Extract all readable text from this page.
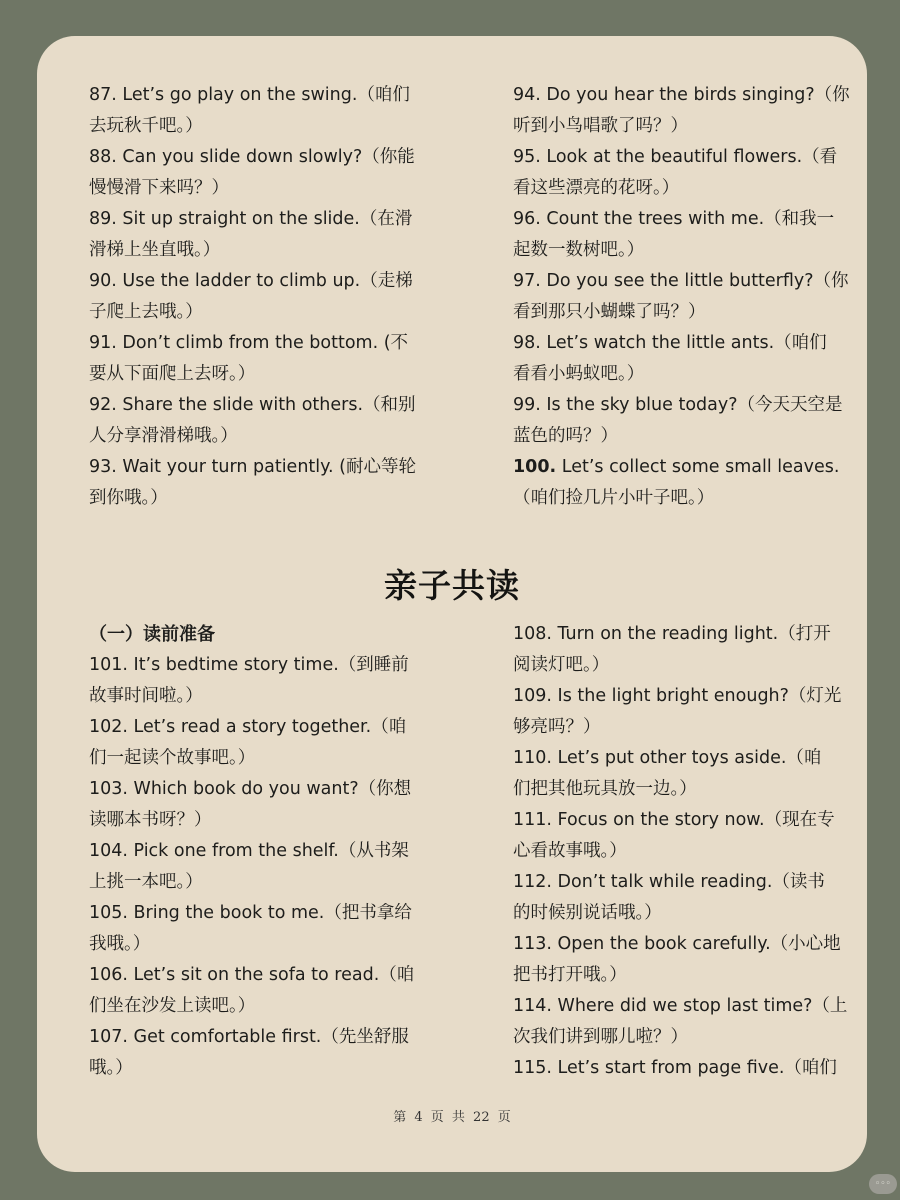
87. Let’s go play on the swing.（咱们
去玩秋千吧。）
88. Can you slide down slowly?（你能
慢慢滑下来吗？）
89. Sit up straight on the slide.（在滑
滑梯上坐直哦。）
90. Use the ladder to climb up.（走梯
子爬上去哦。）
91. Don’t climb from the bottom. (不
要从下面爬上去呀。）
92. Share the slide with others.（和别
人分享滑滑梯哦。）
93. Wait your turn patiently. (耐心等轮
到你哦。）
94. Do you hear the birds singing?（你
听到小鸟唱歌了吗？）
95. Look at the beautiful flowers.（看
看这些漂亮的花呀。）
96. Count the trees with me.（和我一
起数一数树吧。）
97. Do you see the little butterfly?（你
看到那只小蝴蝶了吗？）
98. Let’s watch the little ants.（咱们
看看小蚂蚁吧。）
99. Is the sky blue today?（今天天空是
蓝色的吗？）
100. Let’s collect some small leaves.
（咱们捡几片小叶子吧。）
亲子共读
（一）读前准备
101. It’s bedtime story time.（到睡前
故事时间啦。）
102. Let’s read a story together.（咱
们一起读个故事吧。）
103. Which book do you want?（你想
读哪本书呀？）
104. Pick one from the shelf.（从书架
上挑一本吧。）
105. Bring the book to me.（把书拿给
我哦。）
106. Let’s sit on the sofa to read.（咱
们坐在沙发上读吧。）
107. Get comfortable first.（先坐舒服
哦。）
108. Turn on the reading light.（打开
阅读灯吧。）
109. Is the light bright enough?（灯光
够亮吗？）
110. Let’s put other toys aside.（咱
们把其他玩具放一边。）
111. Focus on the story now.（现在专
心看故事哦。）
112. Don’t talk while reading.（读书
的时候别说话哦。）
113. Open the book carefully.（小心地
把书打开哦。）
114. Where did we stop last time?（上
次我们讲到哪儿啦？）
115. Let’s start from page five.（咱们
第 4 页 共 22 页
◦◦◦
